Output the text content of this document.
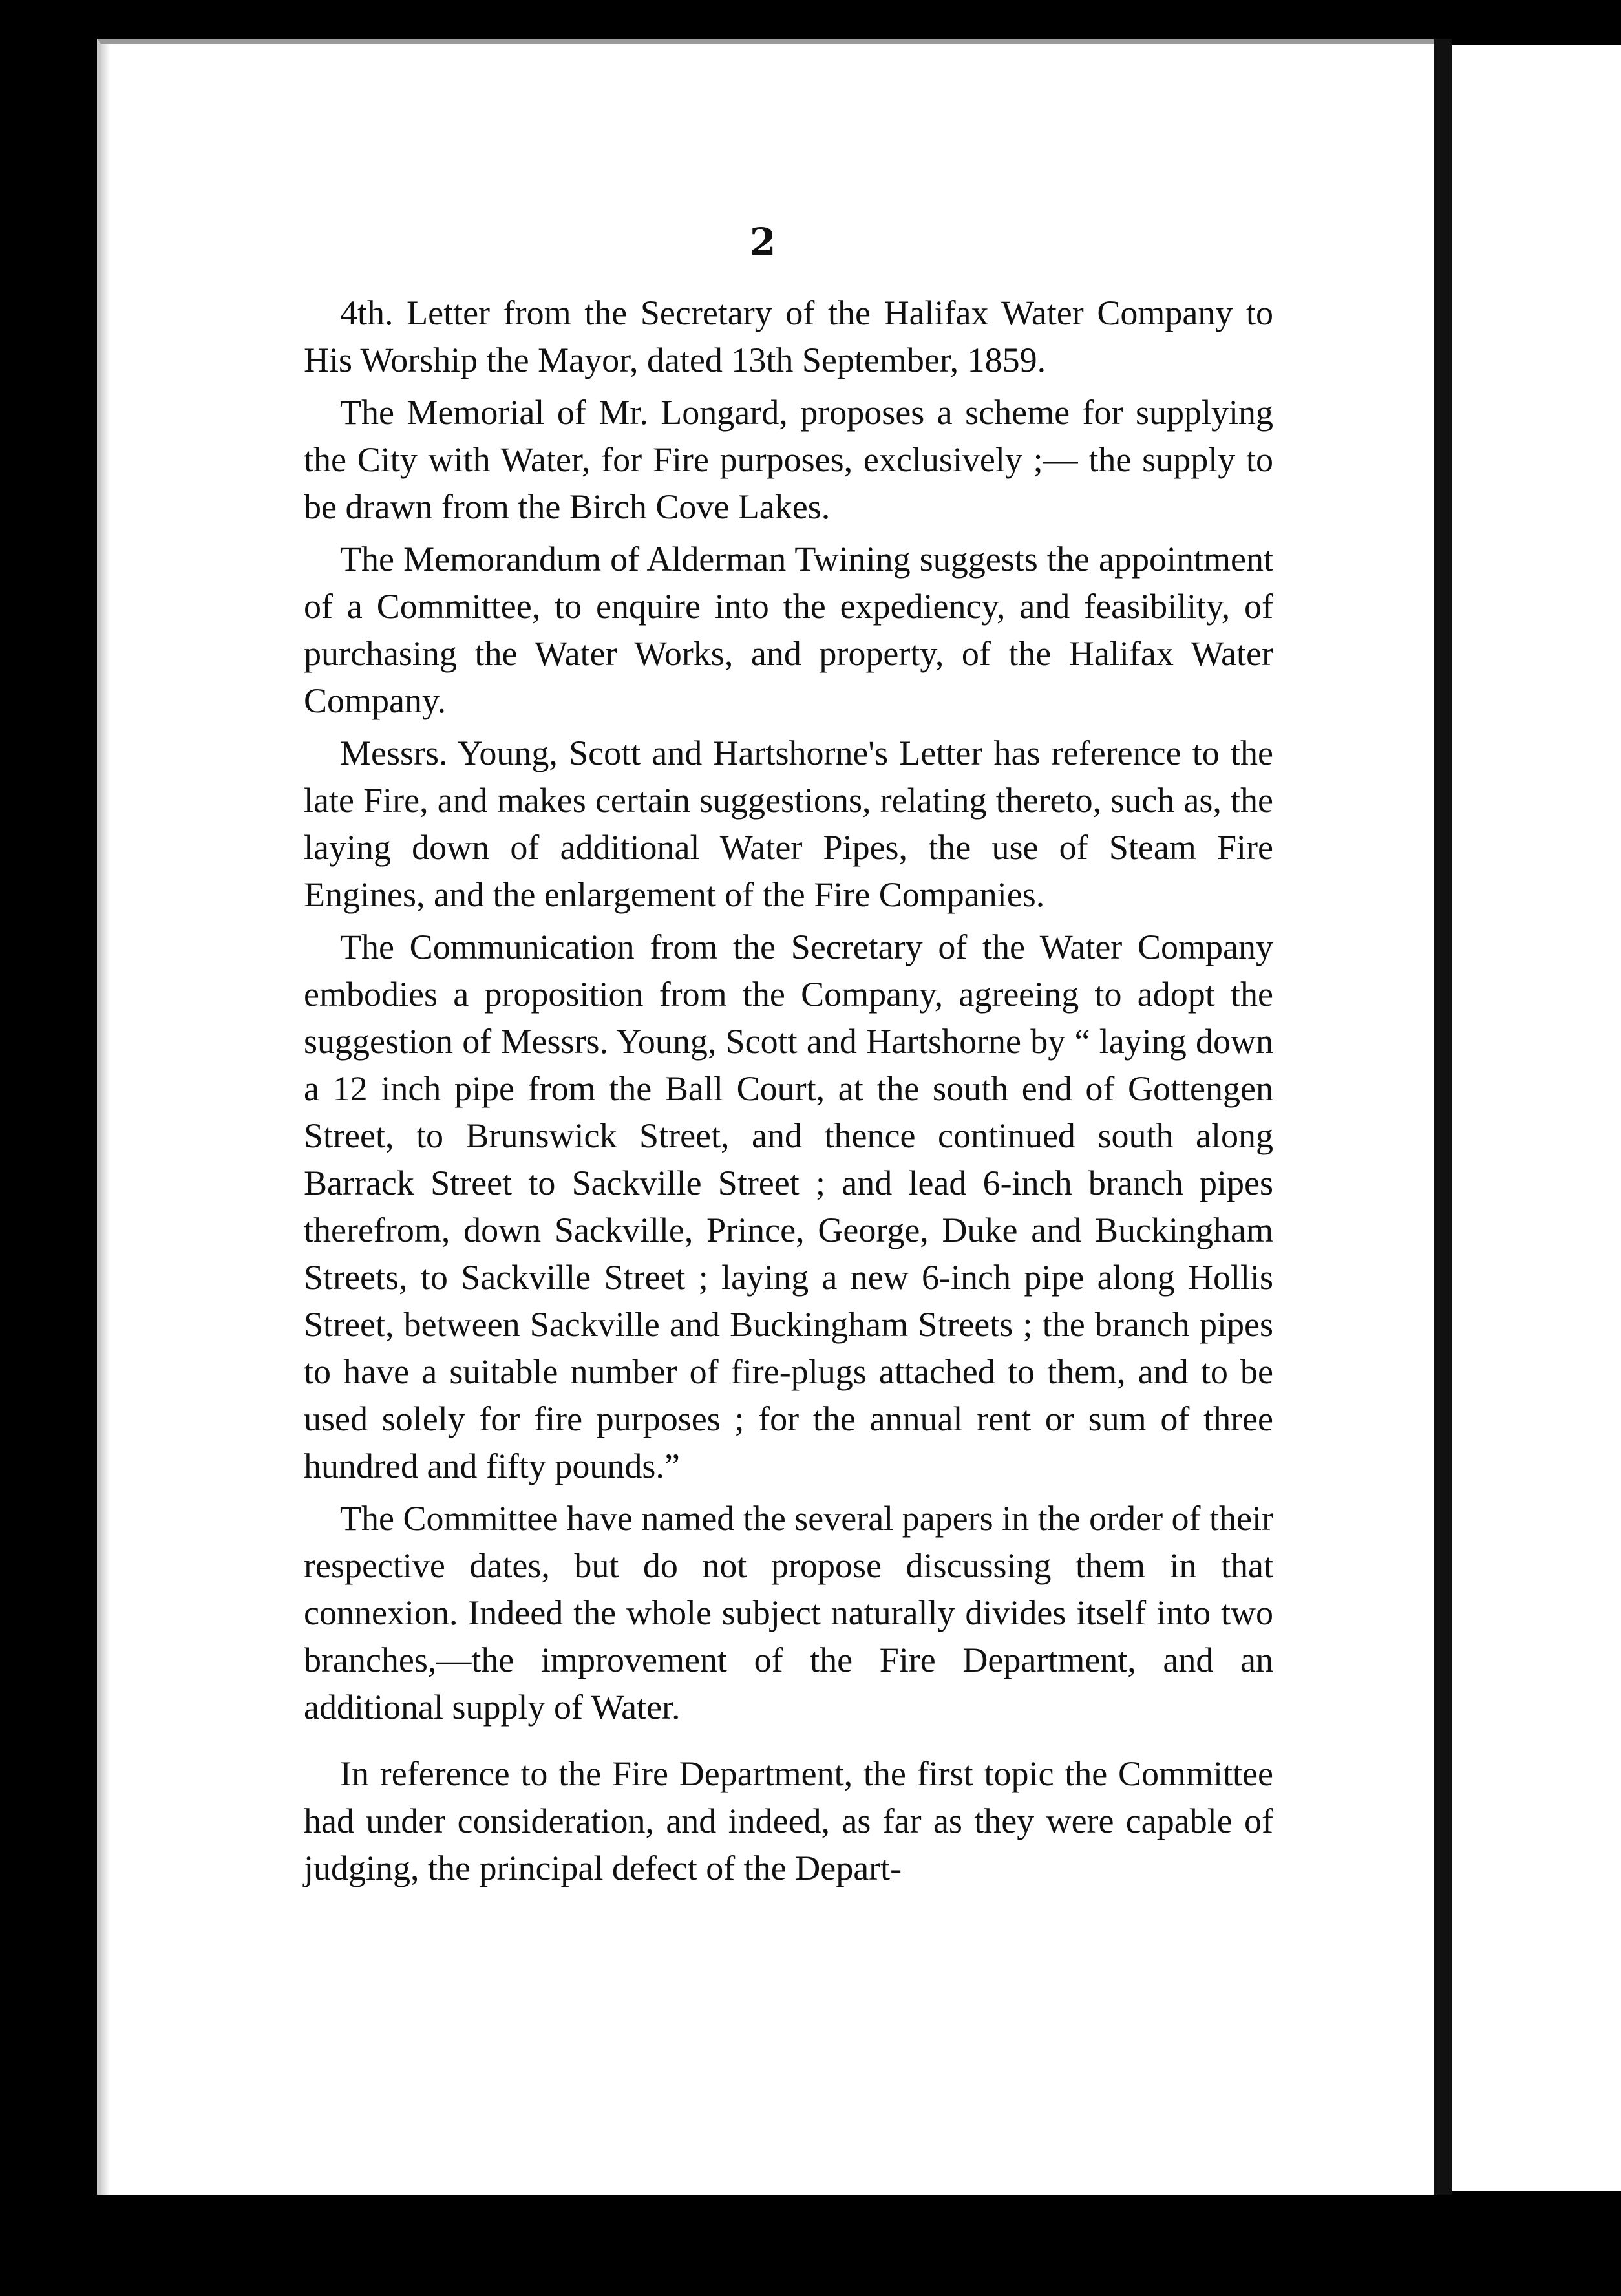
2

4th. Letter from the Secretary of the Halifax Water Company to His Worship the Mayor, dated 13th September, 1859.

The Memorial of Mr. Longard, proposes a scheme for supplying the City with Water, for Fire purposes, exclusively ;— the supply to be drawn from the Birch Cove Lakes.

The Memorandum of Alderman Twining suggests the appointment of a Committee, to enquire into the expediency, and feasibility, of purchasing the Water Works, and property, of the Halifax Water Company.

Messrs. Young, Scott and Hartshorne's Letter has reference to the late Fire, and makes certain suggestions, relating thereto, such as, the laying down of additional Water Pipes, the use of Steam Fire Engines, and the enlargement of the Fire Companies.

The Communication from the Secretary of the Water Company embodies a proposition from the Company, agreeing to adopt the suggestion of Messrs. Young, Scott and Hartshorne by “ laying down a 12 inch pipe from the Ball Court, at the south end of Gottengen Street, to Brunswick Street, and thence continued south along Barrack Street to Sackville Street ; and lead 6-inch branch pipes therefrom, down Sackville, Prince, George, Duke and Buckingham Streets, to Sackville Street ; laying a new 6-inch pipe along Hollis Street, between Sackville and Buckingham Streets ; the branch pipes to have a suitable number of fire-plugs attached to them, and to be used solely for fire purposes ; for the annual rent or sum of three hundred and fifty pounds.”

The Committee have named the several papers in the order of their respective dates, but do not propose discussing them in that connexion. Indeed the whole subject naturally divides itself into two branches,—the improvement of the Fire Department, and an additional supply of Water.

In reference to the Fire Department, the first topic the Committee had under consideration, and indeed, as far as they were capable of judging, the principal defect of the Depart-
